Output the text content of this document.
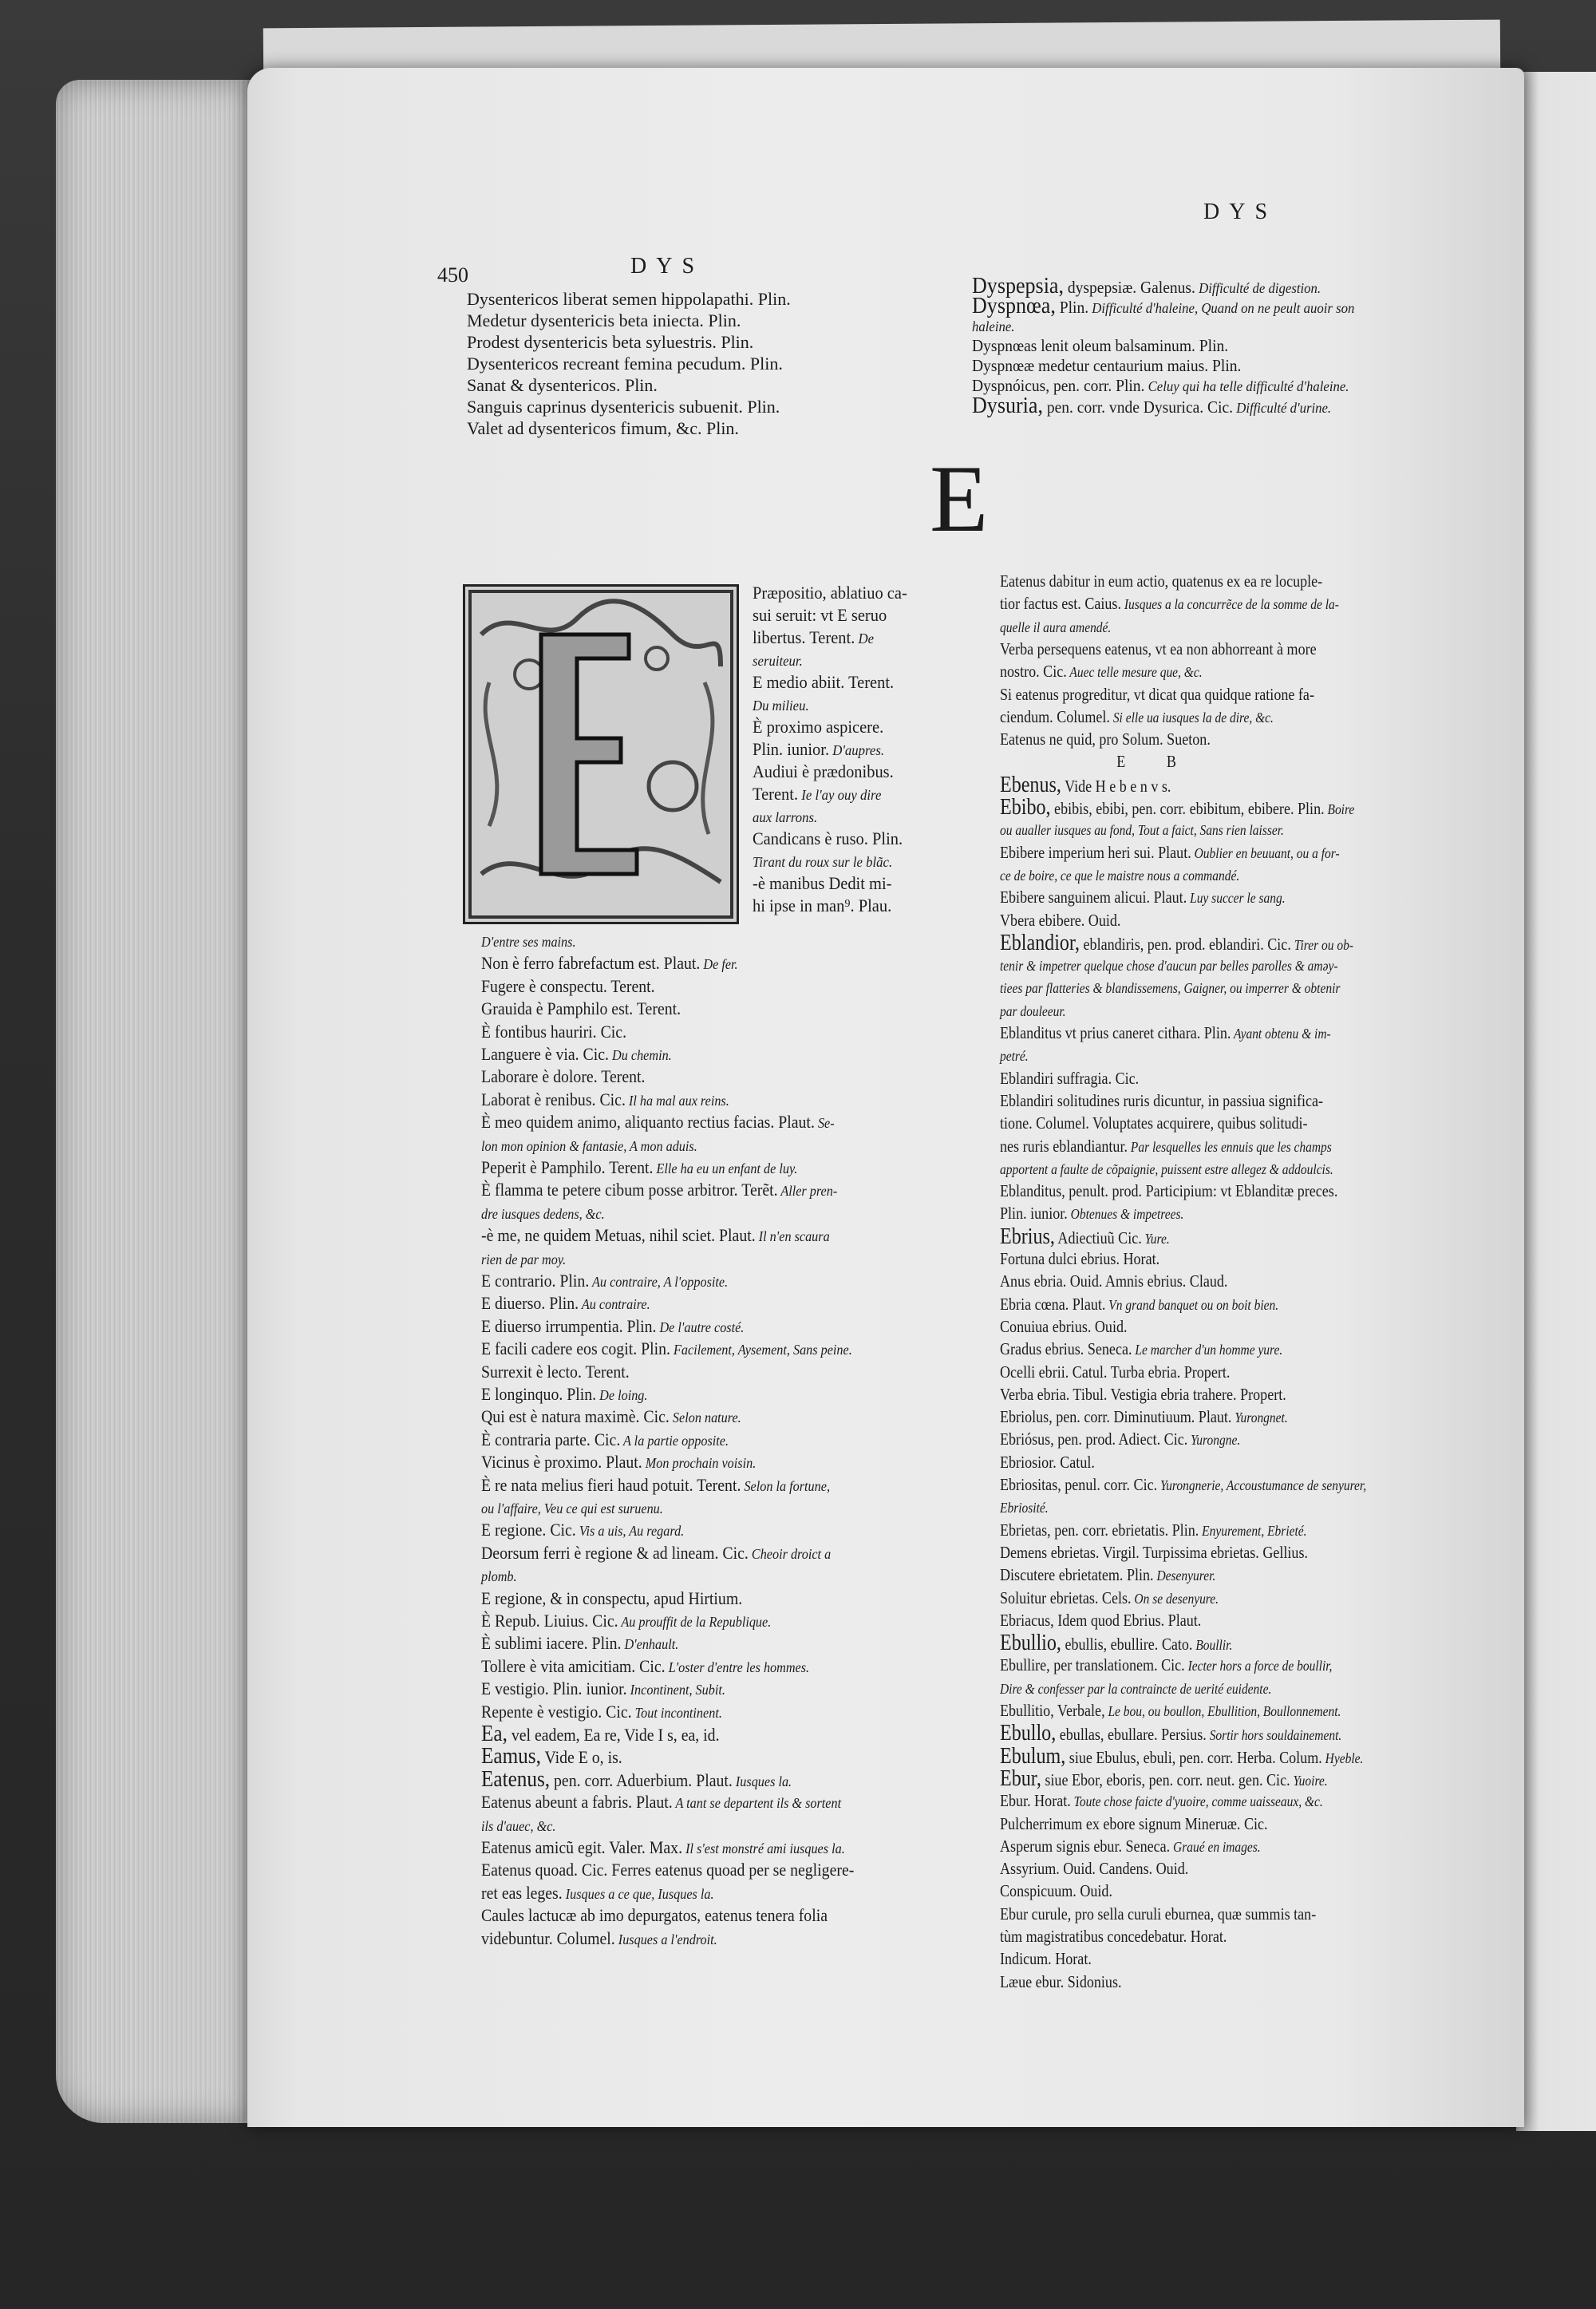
450	DYS
DYS
Dysentericos liberat semen hippolapathi. Plin.
Medetur dysentericis beta iniecta. Plin.
Prodest dysentericis beta syluestris. Plin.
Dysentericos recreant femina pecudum. Plin.
Sanat & dysentericos. Plin.
Sanguis caprinus dysentericis subuenit. Plin.
Valet ad dysentericos fimum, &c. Plin.
Dyspepsia, dyspepsiæ. Galenus. Difficulté de digestion.
Dyspnœa, Plin. Difficulté d'haleine, Quand on ne peult auoir son
haleine.
Dyspnœas lenit oleum balsaminum. Plin.
Dyspnœæ medetur centaurium maius. Plin.
Dyspnóicus, pen. corr. Plin. Celuy qui ha telle difficulté d'haleine.
Dysuria, pen. corr. vnde Dysurica. Cic. Difficulté d'urine.
E
Præpositio, ablatiuo ca-
sui seruit: vt E seruo
libertus. Terent. De
seruiteur.
E medio abiit. Terent.
Du milieu.
È proximo aspicere.
Plin. iunior. D'aupres.
Audiui è prædonibus.
Terent. Ie l'ay ouy dire
aux larrons.
Candicans è ruso. Plin.
Tirant du roux sur le blãc.
-è manibus Dedit mi-
hi ipse in man⁹. Plau.
D'entre ses mains.
Non è ferro fabrefactum est. Plaut. De fer.
Fugere è conspectu. Terent.
Grauida è Pamphilo est. Terent.
È fontibus hauriri. Cic.
Languere è via. Cic. Du chemin.
Laborare è dolore. Terent.
Laborat è renibus. Cic. Il ha mal aux reins.
È meo quidem animo, aliquanto rectius facias. Plaut. Se-
lon mon opinion & fantasie, A mon aduis.
Peperit è Pamphilo. Terent. Elle ha eu un enfant de luy.
È flamma te petere cibum posse arbitror. Terẽt. Aller pren-
dre iusques dedens, &c.
-è me, ne quidem Metuas, nihil sciet. Plaut. Il n'en scaura
rien de par moy.
E contrario. Plin. Au contraire, A l'opposite.
E diuerso. Plin. Au contraire.
E diuerso irrumpentia. Plin. De l'autre costé.
E facili cadere eos cogit. Plin. Facilement, Aysement, Sans peine.
Surrexit è lecto. Terent.
E longinquo. Plin. De loing.
Qui est è natura maximè. Cic. Selon nature.
È contraria parte. Cic. A la partie opposite.
Vicinus è proximo. Plaut. Mon prochain voisin.
È re nata melius fieri haud potuit. Terent. Selon la fortune,
ou l'affaire, Veu ce qui est suruenu.
E regione. Cic. Vis a uis, Au regard.
Deorsum ferri è regione & ad lineam. Cic. Cheoir droict a
plomb.
E regione, & in conspectu, apud Hirtium.
È Repub. Liuius. Cic. Au prouffit de la Republique.
È sublimi iacere. Plin. D'enhault.
Tollere è vita amicitiam. Cic. L'oster d'entre les hommes.
E vestigio. Plin. iunior. Incontinent, Subit.
Repente è vestigio. Cic. Tout incontinent.
Ea, vel eadem, Ea re, Vide I s, ea, id.
Eamus, Vide E o, is.
Eatenus, pen. corr. Aduerbium. Plaut. Iusques la.
Eatenus abeunt a fabris. Plaut. A tant se departent ils & sortent
ils d'auec, &c.
Eatenus amicũ egit. Valer. Max. Il s'est monstré ami iusques la.
Eatenus quoad. Cic. Ferres eatenus quoad per se negligere-
ret eas leges. Iusques a ce que, Iusques la.
Caules lactucæ ab imo depurgatos, eatenus tenera folia
videbuntur. Columel. Iusques a l'endroit.
Eatenus dabitur in eum actio, quatenus ex ea re locuple-
tior factus est. Caius. Iusques a la concurrẽce de la somme de la-
quelle il aura amendé.
Verba persequens eatenus, vt ea non abhorreant à more
nostro. Cic. Auec telle mesure que, &c.
Si eatenus progreditur, vt dicat qua quidque ratione fa-
ciendum. Columel. Si elle ua iusques la de dire, &c.
Eatenus ne quid, pro Solum. Sueton.
EB
Ebenus, Vide H e b e n v s.
Ebibo, ebibis, ebibi, pen. corr. ebibitum, ebibere. Plin. Boire
ou aualler iusques au fond, Tout a faict, Sans rien laisser.
Ebibere imperium heri sui. Plaut. Oublier en beuuant, ou a for-
ce de boire, ce que le maistre nous a commandé.
Ebibere sanguinem alicui. Plaut. Luy succer le sang.
Vbera ebibere. Ouid.
Eblandior, eblandiris, pen. prod. eblandiri. Cic. Tirer ou ob-
tenir & impetrer quelque chose d'aucun par belles parolles & aməy-
tiees par flatteries & blandissemens, Gaigner, ou imperrer & obtenir
par douleeur.
Eblanditus vt prius caneret cithara. Plin. Ayant obtenu & im-
petré.
Eblandiri suffragia. Cic.
Eblandiri solitudines ruris dicuntur, in passiua significa-
tione. Columel. Voluptates acquirere, quibus solitudi-
nes ruris eblandiantur. Par lesquelles les ennuis que les champs
apportent a faulte de cõpaignie, puissent estre allegez & addoulcis.
Eblanditus, penult. prod. Participium: vt Eblanditæ preces.
Plin. iunior. Obtenues & impetrees.
Ebrius, Adiectiuũ Cic. Yure.
Fortuna dulci ebrius. Horat.
Anus ebria. Ouid. Amnis ebrius. Claud.
Ebria cœna. Plaut. Vn grand banquet ou on boit bien.
Conuiua ebrius. Ouid.
Gradus ebrius. Seneca. Le marcher d'un homme yure.
Ocelli ebrii. Catul. Turba ebria. Propert.
Verba ebria. Tibul. Vestigia ebria trahere. Propert.
Ebriolus, pen. corr. Diminutiuum. Plaut. Yurongnet.
Ebriósus, pen. prod. Adiect. Cic. Yurongne.
Ebriosior. Catul.
Ebriositas, penul. corr. Cic. Yurongnerie, Accoustumance de senyurer,
Ebriosité.
Ebrietas, pen. corr. ebrietatis. Plin. Enyurement, Ebrieté.
Demens ebrietas. Virgil. Turpissima ebrietas. Gellius.
Discutere ebrietatem. Plin. Desenyurer.
Soluitur ebrietas. Cels. On se desenyure.
Ebriacus, Idem quod Ebrius. Plaut.
Ebullio, ebullis, ebullire. Cato. Boullir.
Ebullire, per translationem. Cic. Iecter hors a force de boullir,
Dire & confesser par la contraincte de uerité euidente.
Ebullitio, Verbale, Le bou, ou boullon, Ebullition, Boullonnement.
Ebullo, ebullas, ebullare. Persius. Sortir hors souldainement.
Ebulum, siue Ebulus, ebuli, pen. corr. Herba. Colum. Hyeble.
Ebur, siue Ebor, eboris, pen. corr. neut. gen. Cic. Yuoire.
Ebur. Horat. Toute chose faicte d'yuoire, comme uaisseaux, &c.
Pulcherrimum ex ebore signum Mineruæ. Cic.
Asperum signis ebur. Seneca. Graué en images.
Assyrium. Ouid. Candens. Ouid.
Conspicuum. Ouid.
Ebur curule, pro sella curuli eburnea, quæ summis tan-
tùm magistratibus concedebatur. Horat.
Indicum. Horat.
Læue ebur. Sidonius.
